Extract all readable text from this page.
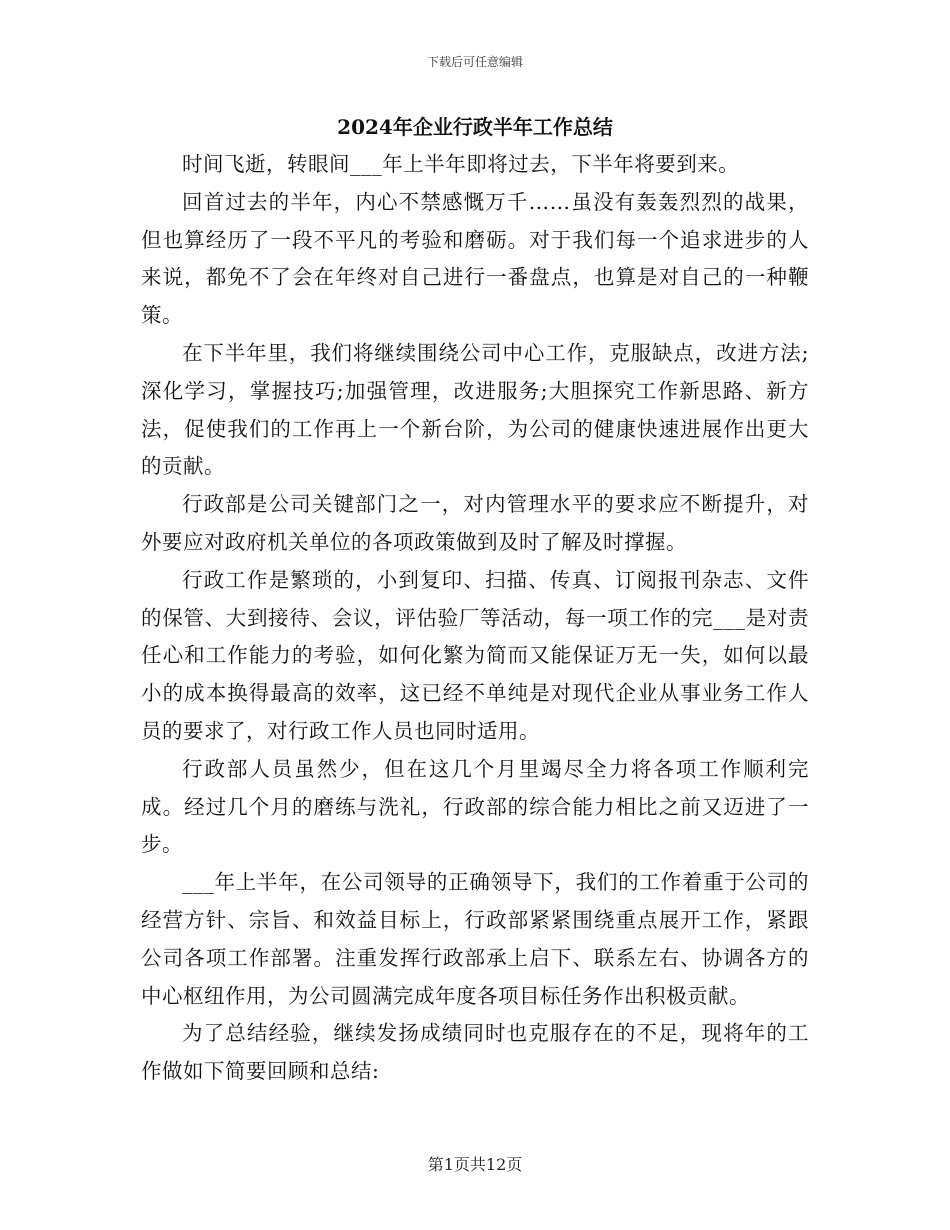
下载后可任意编辑
2024年企业行政半年工作总结

时间飞逝，转眼间___年上半年即将过去，下半年将要到来。

回首过去的半年，内心不禁感慨万千……虽没有轰轰烈烈的战果，但也算经历了一段不平凡的考验和磨砺。对于我们每一个追求进步的人来说，都免不了会在年终对自己进行一番盘点，也算是对自己的一种鞭策。

在下半年里，我们将继续围绕公司中心工作，克服缺点，改进方法;深化学习，掌握技巧;加强管理，改进服务;大胆探究工作新思路、新方法，促使我们的工作再上一个新台阶，为公司的健康快速进展作出更大的贡献。

行政部是公司关键部门之一，对内管理水平的要求应不断提升，对外要应对政府机关单位的各项政策做到及时了解及时撑握。

行政工作是繁琐的，小到复印、扫描、传真、订阅报刊杂志、文件的保管、大到接待、会议，评估验厂等活动，每一项工作的完___是对责任心和工作能力的考验，如何化繁为简而又能保证万无一失，如何以最小的成本换得最高的效率，这已经不单纯是对现代企业从事业务工作人员的要求了，对行政工作人员也同时适用。

行政部人员虽然少，但在这几个月里竭尽全力将各项工作顺利完成。经过几个月的磨练与洗礼，行政部的综合能力相比之前又迈进了一步。

___年上半年，在公司领导的正确领导下，我们的工作着重于公司的经营方针、宗旨、和效益目标上，行政部紧紧围绕重点展开工作，紧跟公司各项工作部署。注重发挥行政部承上启下、联系左右、协调各方的中心枢纽作用，为公司圆满完成年度各项目标任务作出积极贡献。

为了总结经验，继续发扬成绩同时也克服存在的不足，现将年的工作做如下简要回顾和总结:

第1页共12页
